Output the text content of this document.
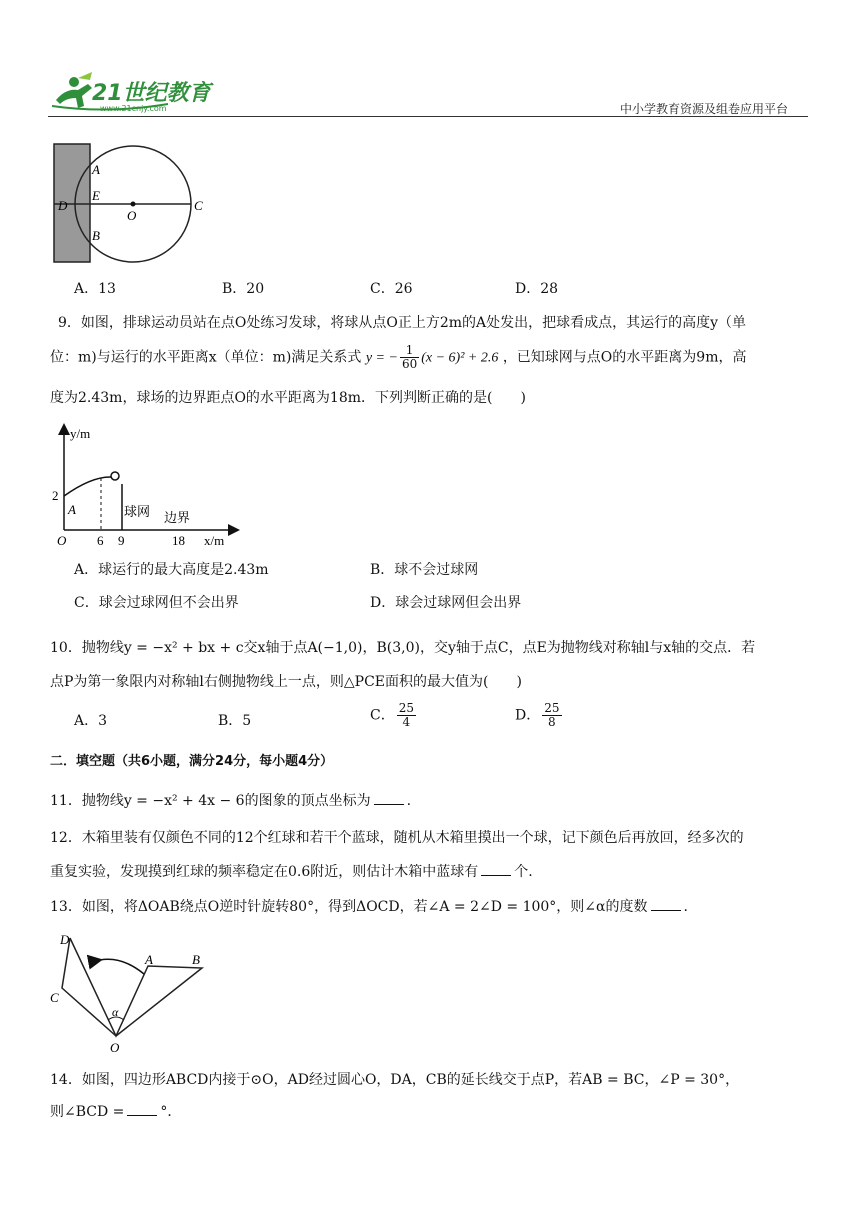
21世纪教育
www.21cnjy.com	中小学教育资源及组卷应用平台
A
D
E
O
C
B
A．13	B．20	C．26	D．28
9．如图，排球运动员站在点O处练习发球，将球从点O正上方2m的A处发出，把球看成点，其运行的高度y（单
位：m)与运行的水平距离x（单位：m)满足关系式 y = − $\frac{1}{60} (x - 6)^2 + 2.6$ ，已知球网与点O的水平距离为9m，高
度为2.43m，球场的边界距点O的水平距离为18m．下列判断正确的是(　　)
y/m
2
A	球网 边界
O 6 9	18 x/m
A．球运行的最大高度是2.43m	B．球不会过球网
C．球会过球网但不会出界	D．球会过球网但会出界
10．抛物线y = −x² + bx + c交x轴于点A(−1,0)，B(3,0)，交y轴于点C，点E为抛物线对称轴l与x轴的交点．若
点P为第一象限内对称轴l右侧抛物线上一点，则△PCE面积的最大值为(　　)
A．3	B．5	C． $\frac{25}{4}$	D． $\frac{25}{8}$
二．填空题（共6小题，满分24分，每小题4分）
11．抛物线y = −x² + 4x − 6的图象的顶点坐标为	.
12．木箱里装有仅颜色不同的12个红球和若干个蓝球，随机从木箱里摸出一个球，记下颜色后再放回，经多次的
重复实验，发现摸到红球的频率稳定在0.6附近，则估计木箱中蓝球有	个.
13．如图，将ΔOAB绕点O逆时针旋转80°，得到ΔOCD，若∠A = 2∠D = 100°，则∠α的度数	.
D
A	B
C
α
O
14．如图，四边形ABCD内接于⊙O，AD经过圆心O，DA，CB的延长线交于点P，若AB = BC，∠P = 30°，
则∠BCD =	°．
